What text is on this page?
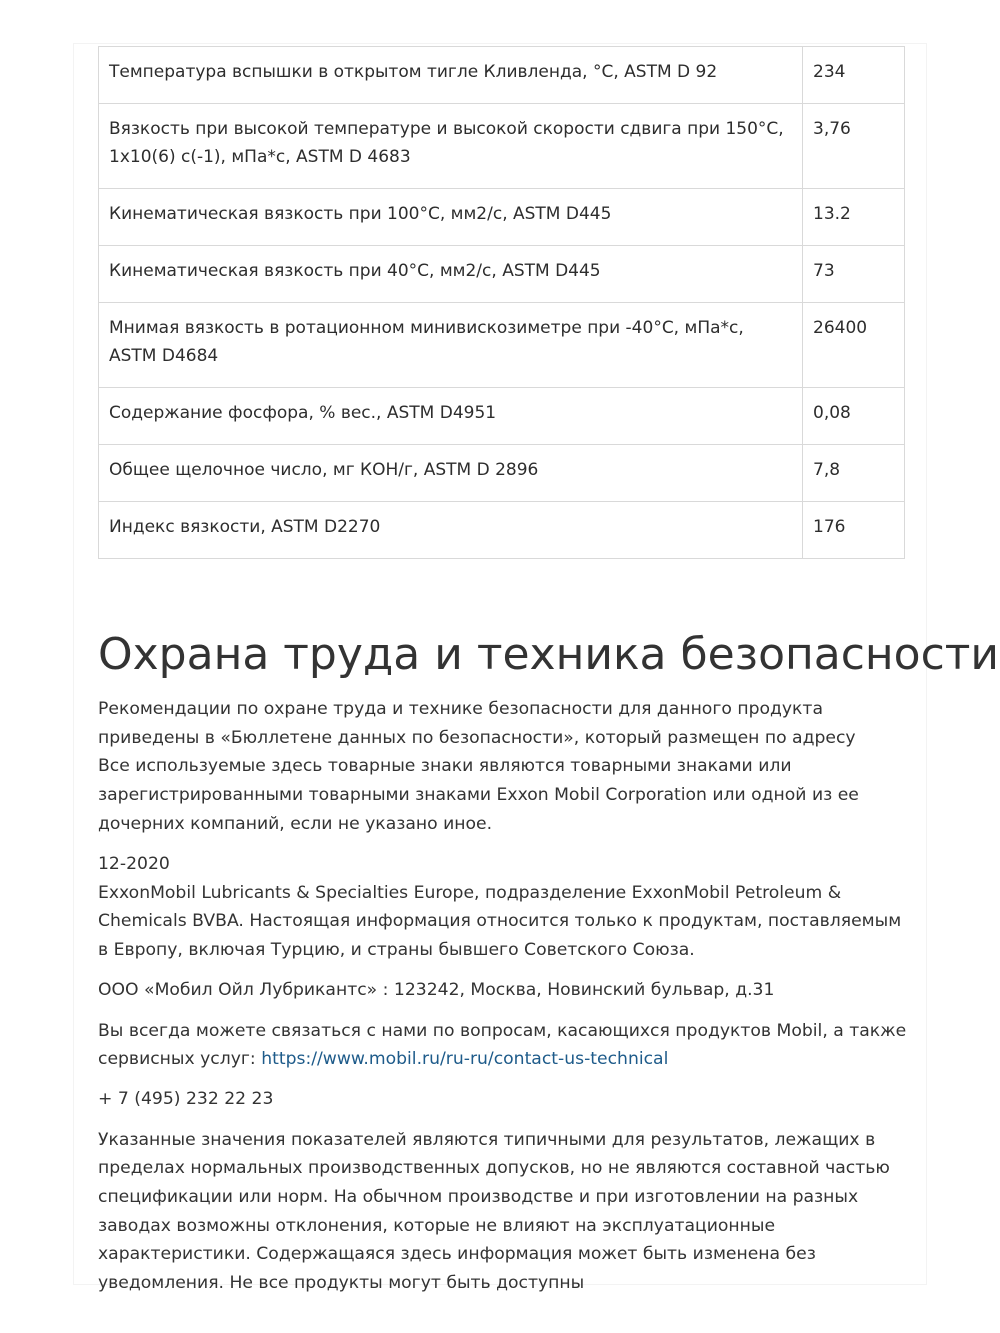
Температура вспышки в открытом тигле Кливленда, °C, ASTM D 92	234
Вязкость при высокой температуре и высокой скорости сдвига при 150°C, 1x10(6) с(-1), мПа*с, ASTM D 4683	3,76
Кинематическая вязкость при 100°C, мм2/с, ASTM D445	13.2
Кинематическая вязкость при 40°C, мм2/с, ASTM D445	73
Мнимая вязкость в ротационном минивискозиметре при -40°C, мПа*с, ASTM D4684	26400
Содержание фосфора, % вес., ASTM D4951	0,08
Общее щелочное число, мг КОН/г, ASTM D 2896	7,8
Индекс вязкости, ASTM D2270	176
Охрана труда и техника безопасности

Рекомендации по охране труда и технике безопасности для данного продукта приведены в «Бюллетене данных по безопасности», который размещен по адресу
Все используемые здесь товарные знаки являются товарными знаками или зарегистрированными товарными знаками Exxon Mobil Corporation или одной из ее дочерних компаний, если не указано иное.

12-2020
ExxonMobil Lubricants & Specialties Europe, подразделение ExxonMobil Petroleum & Chemicals BVBA. Настоящая информация относится только к продуктам, поставляемым в Европу, включая Турцию, и страны бывшего Советского Союза.

ООО «Мобил Ойл Лубрикантс» : 123242, Москва, Новинский бульвар, д.31

Вы всегда можете связаться с нами по вопросам, касающихся продуктов Mobil, а также сервисных услуг: https://www.mobil.ru/ru-ru/contact-us-technical

+ 7 (495) 232 22 23

Указанные значения показателей являются типичными для результатов, лежащих в пределах нормальных производственных допусков, но не являются составной частью спецификации или норм. На обычном производстве и при изготовлении на разных заводах возможны отклонения, которые не влияют на эксплуатационные характеристики. Содержащаяся здесь информация может быть изменена без уведомления. Не все продукты могут быть доступны
